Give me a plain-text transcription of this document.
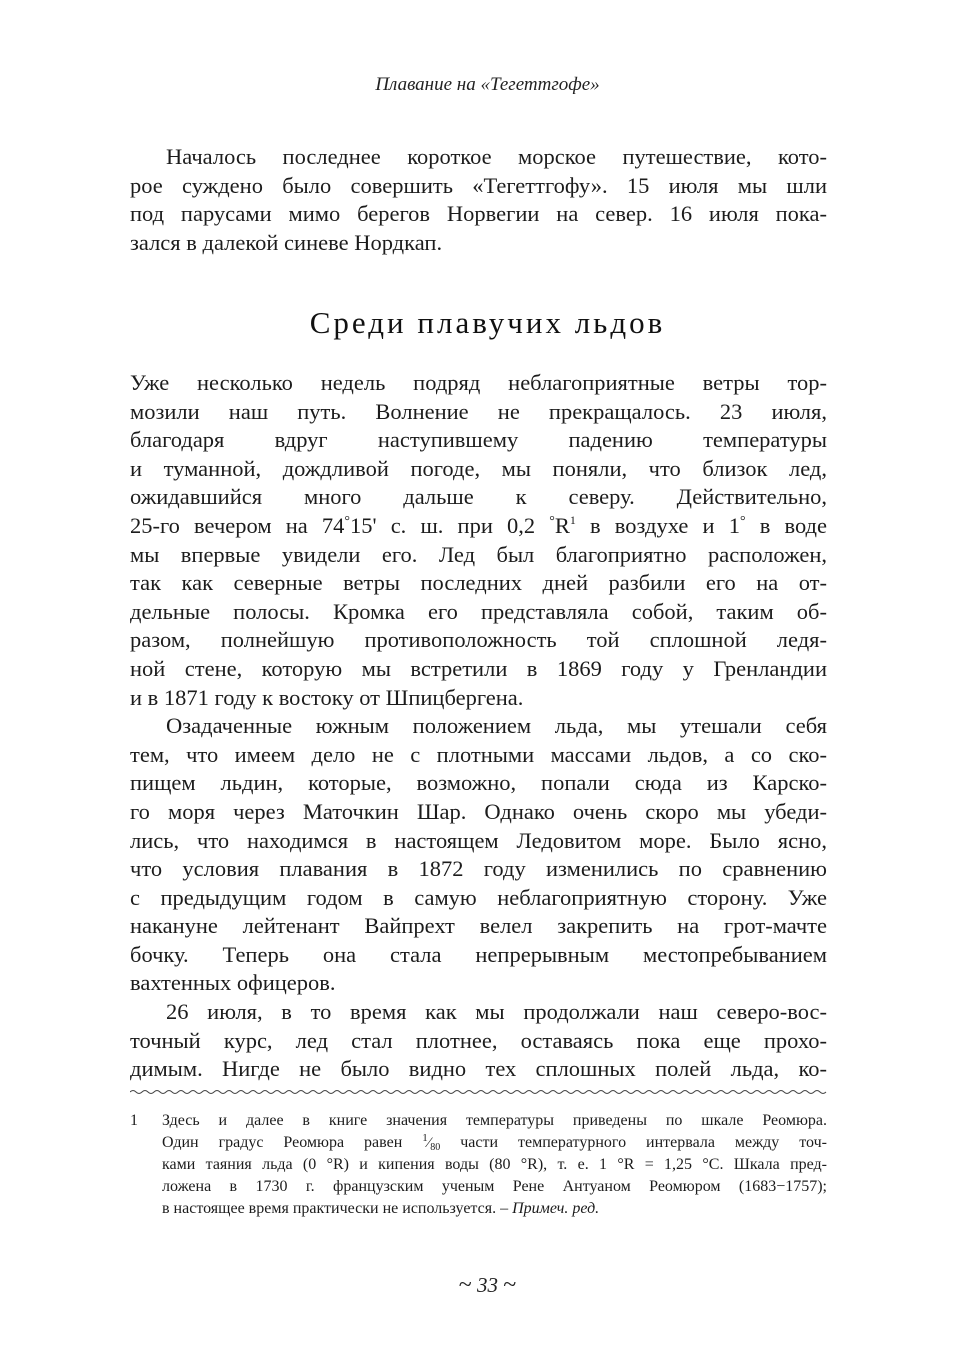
Плавание на «Тегеттгофе»
Началось последнее короткое морское путешествие, кото-
рое суждено было совершить «Тегеттгофу». 15 июля мы шли
под парусами мимо берегов Норвегии на север. 16 июля пока-
зался в далекой синеве Нордкап.
Среди плавучих льдов
Уже несколько недель подряд неблагоприятные ветры тор-
мозили наш путь. Волнение не прекращалось. 23 июля,
благодаря вдруг наступившему падению температуры
и туманной, дождливой погоде, мы поняли, что близок лед,
ожидавшийся много дальше к северу. Действительно,
25-го вечером на 74°15' с. ш. при 0,2 °R$^1$ в воздухе и 1° в воде
мы впервые увидели его. Лед был благоприятно расположен,
так как северные ветры последних дней разбили его на от-
дельные полосы. Кромка его представляла собой, таким об-
разом, полнейшую противоположность той сплошной ледя-
ной стене, которую мы встретили в 1869 году у Гренландии
и в 1871 году к востоку от Шпицбергена.
Озадаченные южным положением льда, мы утешали себя
тем, что имеем дело не с плотными массами льдов, а со ско-
пищем льдин, которые, возможно, попали сюда из Карско-
го моря через Маточкин Шар. Однако очень скоро мы убеди-
лись, что находимся в настоящем Ледовитом море. Было ясно,
что условия плавания в 1872 году изменились по сравнению
с предыдущим годом в самую неблагоприятную сторону. Уже
накануне лейтенант Вайпрехт велел закрепить на грот-мачте
бочку. Теперь она стала непрерывным местопребыванием
вахтенных офицеров.
26 июля, в то время как мы продолжали наш северо-вос-
точный курс, лед стал плотнее, оставаясь пока еще прохо-
димым. Нигде не было видно тех сплошных полей льда, ко-
1 Здесь и далее в книге значения температуры приведены по шкале Реомюра.
Один градус Реомюра равен $^1⁄_{80}$ части температурного интервала между точ-
ками таяния льда (0 °R) и кипения воды (80 °R), т. е. 1 °R = 1,25 °С. Шкала пред-
ложена в 1730 г. французским ученым Рене Антуаном Реомюром (1683−1757);
в настоящее время практически не используется. – Примеч. ред.
~ 33 ~
